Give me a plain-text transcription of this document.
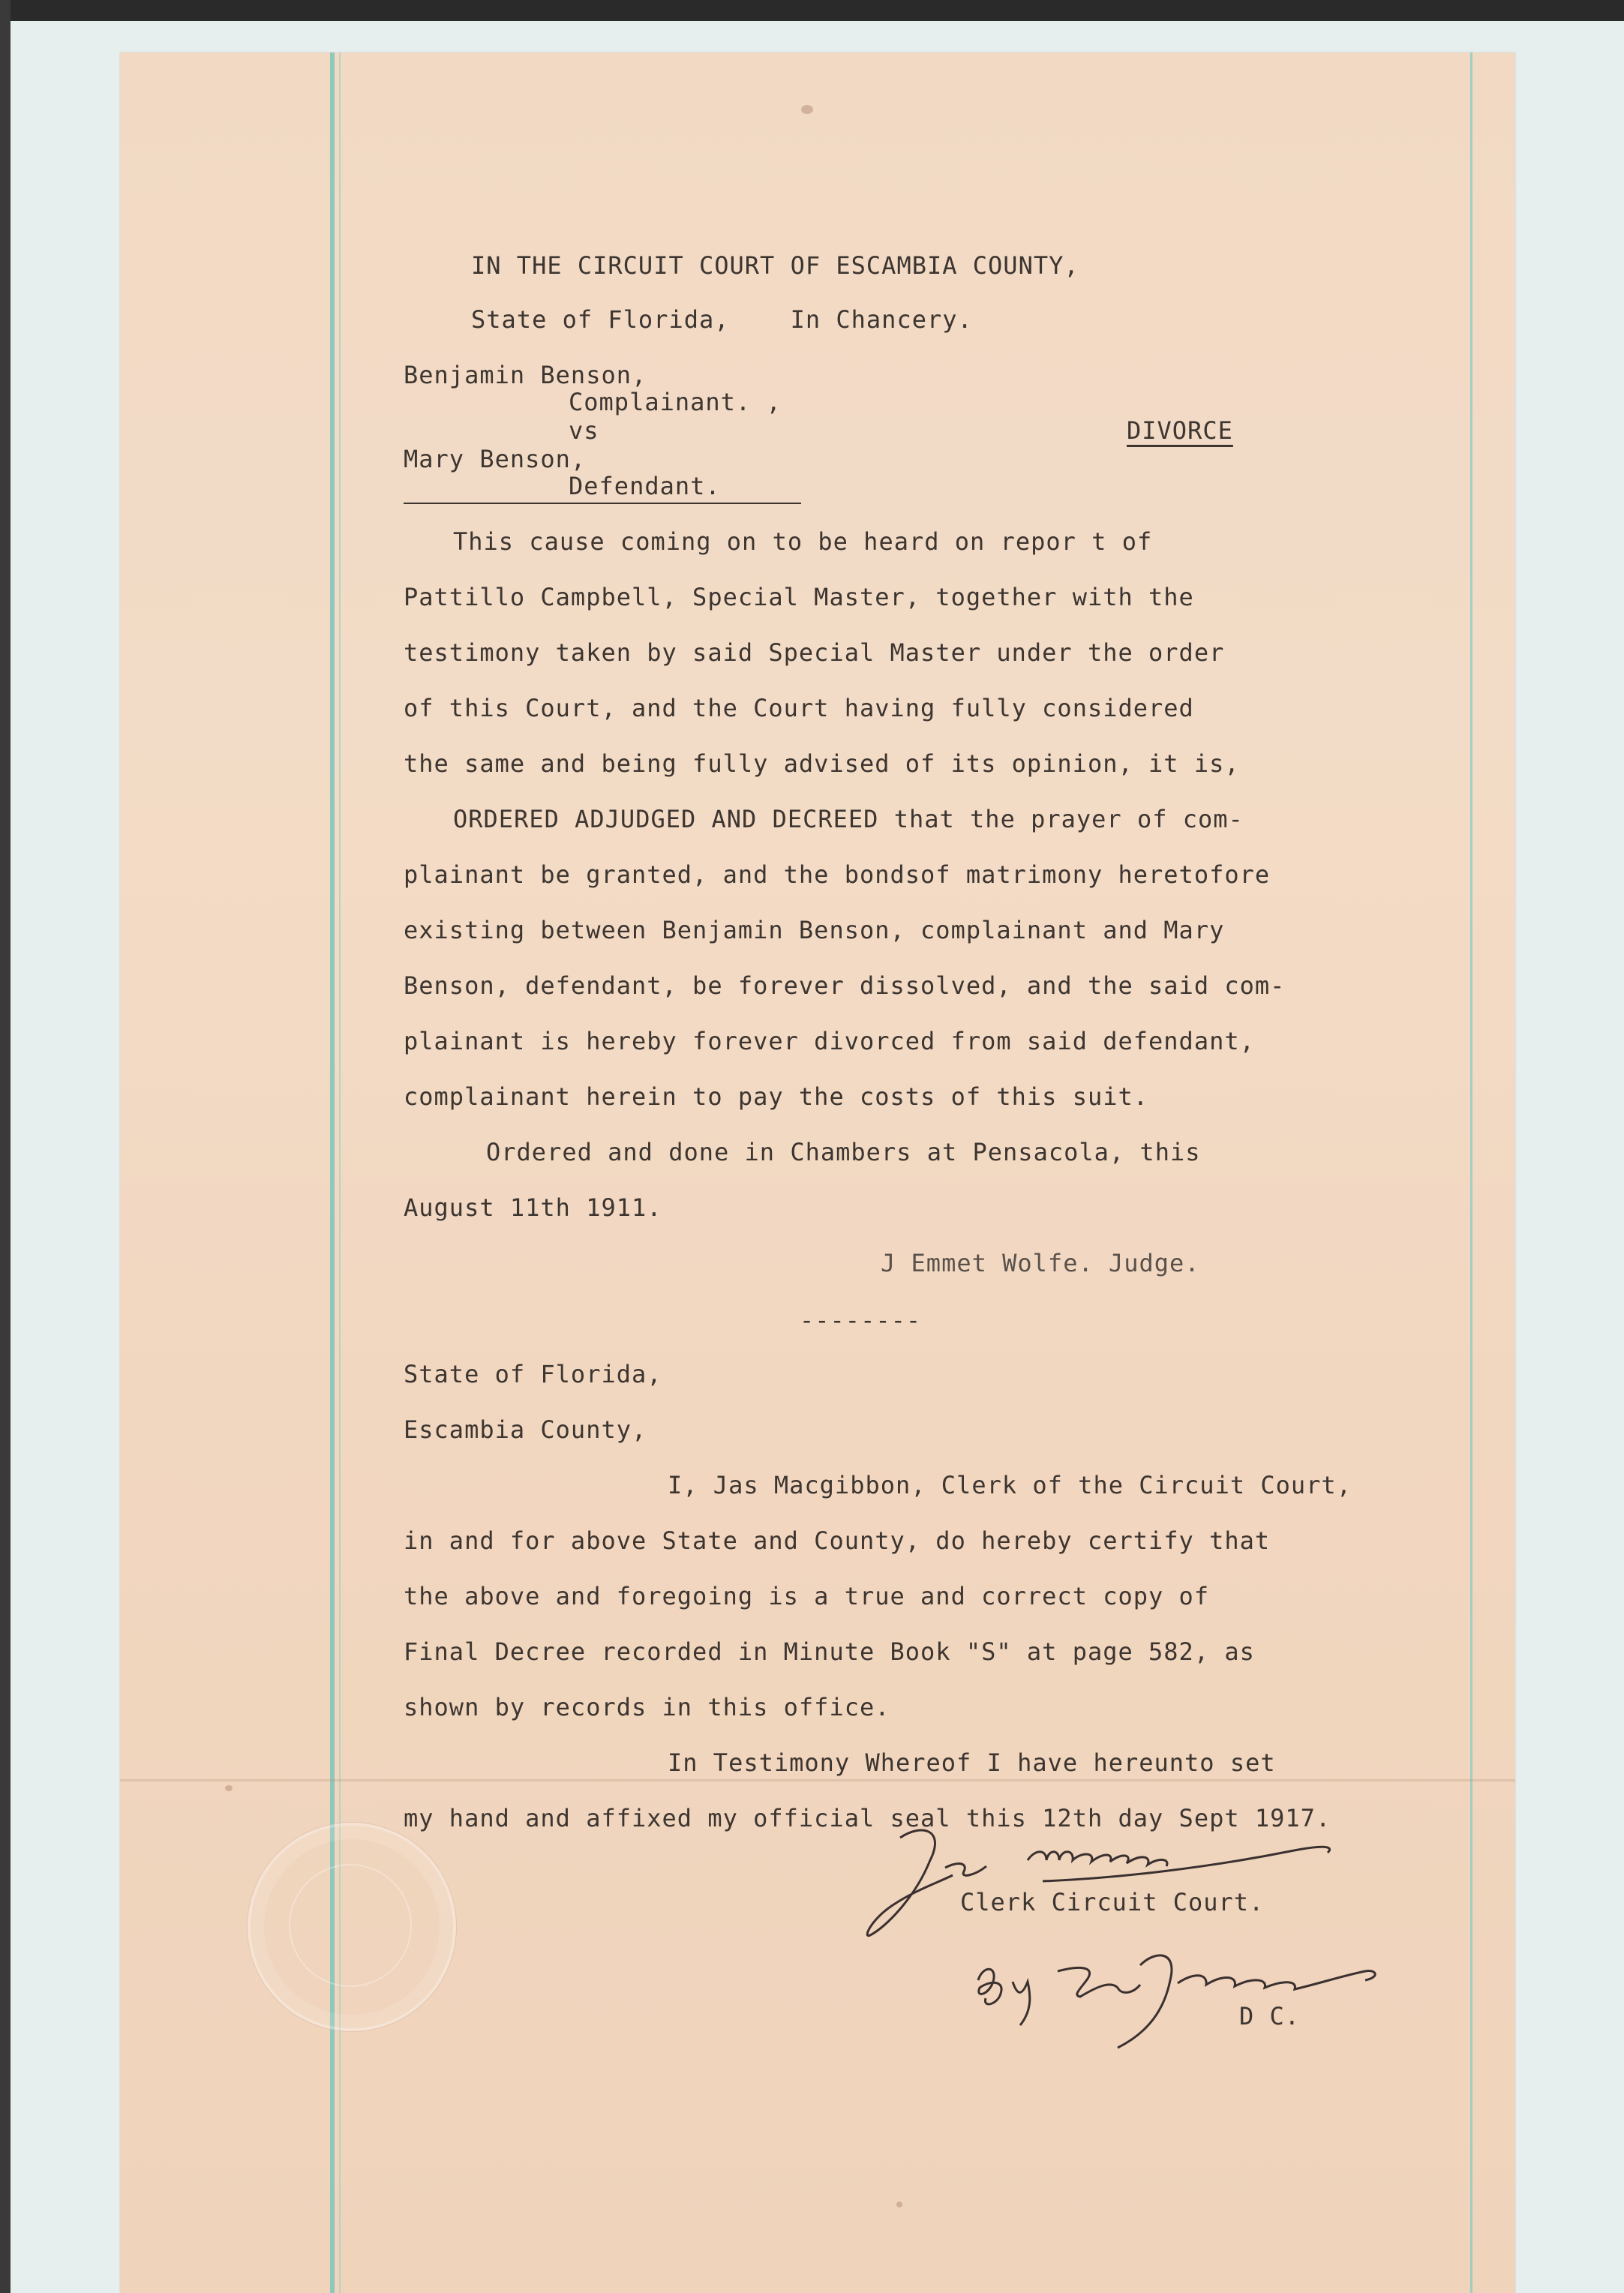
IN THE CIRCUIT COURT OF ESCAMBIA COUNTY,
State of Florida,    In Chancery.
Benjamin Benson,
Complainant. ,
vs	DIVORCE
Mary Benson,
Defendant.
This cause coming on to be heard on repor t of
Pattillo Campbell, Special Master, together with the
testimony taken by said Special Master under the order
of this Court, and the Court having fully considered
the same and being fully advised of its opinion, it is,
ORDERED ADJUDGED AND DECREED that the prayer of com-
plainant be granted, and the bondsof matrimony heretofore
existing between Benjamin Benson, complainant and Mary
Benson, defendant, be forever dissolved, and the said com-
plainant is hereby forever divorced from said defendant,
complainant herein to pay the costs of this suit.
Ordered and done in Chambers at Pensacola, this
August 11th 1911.
J Emmet Wolfe. Judge.
--------
State of Florida,
Escambia County,
I, Jas Macgibbon, Clerk of the Circuit Court,
in and for above State and County, do hereby certify that
the above and foregoing is a true and correct copy of
Final Decree recorded in Minute Book "S" at page 582, as
shown by records in this office.
In Testimony Whereof I have hereunto set
my hand and affixed my official seal this 12th day Sept 1917.
Clerk Circuit Court.
D C.
